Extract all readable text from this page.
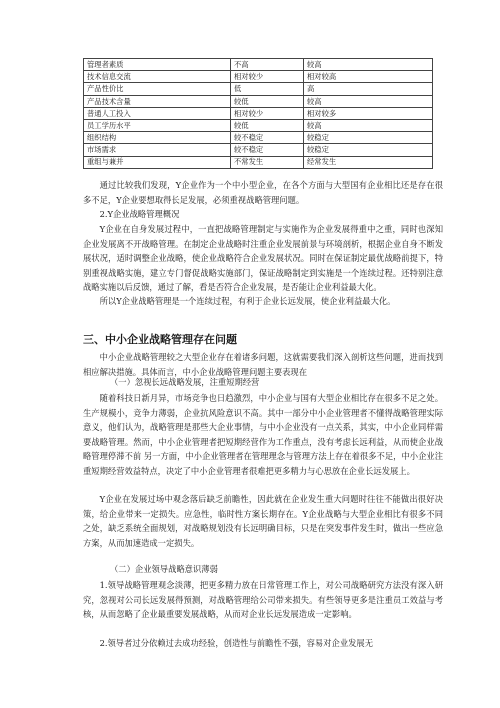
管理者素质	不高	较高
技术信息交流	相对较少	相对较高
产品性价比	低	高
产品技术含量	较低	较高
普通人工投入	相对较少	相对较多
员工学历水平	较低	较高
组织结构	较不稳定	较稳定
市场需求	较不稳定	较稳定
重组与兼并	不常发生	经常发生

通过比较我们发现，Y企业作为一个中小型企业，在各个方面与大型国有企业相比还是存在很多不足，Y企业要想取得长足发展，必须重视战略管理问题。

2.Y企业战略管理概况

Y企业在自身发展过程中，一直把战略管理制定与实施作为企业发展得重中之重，同时也深知企业发展离不开战略管理。在制定企业战略时注重企业发展前景与环境剖析，根据企业自身不断发展状况，适时调整企业战略，使企业战略符合企业发展状况。同时在保证制定最优战略前提下，特别重视战略实施，建立专门督促战略实施部门，保证战略制定到实施是一个连续过程。还特别注意战略实施以后反馈，通过了解，看是否符合企业发展，是否能让企业利益最大化。

所以Y企业战略管理是一个连续过程，有利于企业长远发展，使企业利益最大化。

三、中小企业战略管理存在问题

中小企业战略管理较之大型企业存在着诸多问题，这就需要我们深入剖析这些问题，进而找到相应解决措施。具体而言，中小企业战略管理问题主要表现在

（一）忽视长远战略发展，注重短期经营

随着科技日新月异，市场竞争也日趋激烈，中小企业与国有大型企业相比存在很多不足之处。生产规模小，竞争力薄弱，企业抗风险意识不高。其中一部分中小企业管理者不懂得战略管理实际意义，他们认为，战略管理是那些大企业事情，与中小企业没有一点关系，其实，中小企业同样需要战略管理。然而，中小企业管理者把短期经营作为工作重点，没有考虑长远利益，从而使企业战略管理停滞不前 另一方面，中小企业管理者在管理理念与管理方法上存在着很多不足，中小企业注重短期经营效益特点，决定了中小企业管理者很难把更多精力与心思放在企业长远发展上。

Y企业在发展过场中观念落后缺乏前瞻性，因此就在企业发生重大问题时往往不能做出很好决策，给企业带来一定损失。应急性，临时性方案长期存在。Y企业战略与大型企业相比有很多不同之处，缺乏系统全面规划，对战略规划没有长远明确目标，只是在突发事件发生时，做出一些应急方案，从而加速造成一定损失。

（二）企业领导战略意识薄弱

1.领导战略管理观念淡薄，把更多精力放在日常管理工作上，对公司战略研究方法没有深入研究，忽视对公司长远发展得预测，对战略管理给公司带来损失。有些领导更多是注重员工效益与考核，从而忽略了企业最重要发展战略，从而对企业长远发展造成一定影响。

2.领导者过分依赖过去成功经验，创造性与前瞻性不强，容易对企业发展无
